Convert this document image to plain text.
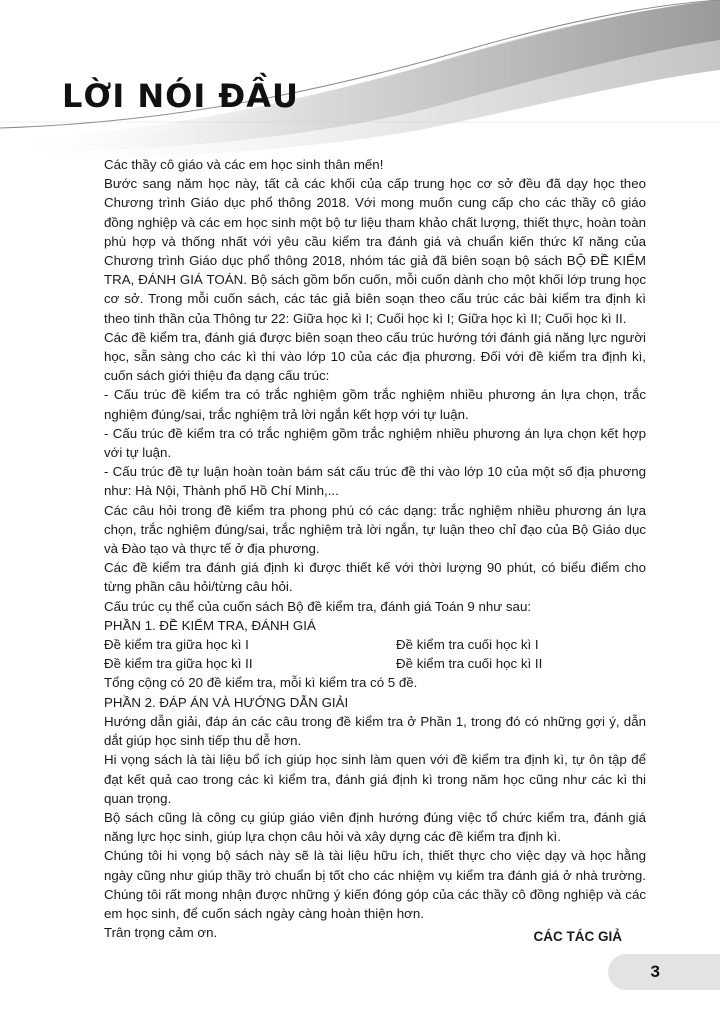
LỜI NÓI ĐẦU

Các thầy cô giáo và các em học sinh thân mến!

Bước sang năm học này, tất cả các khối của cấp trung học cơ sở đều đã dạy học theo Chương trình Giáo dục phổ thông 2018. Với mong muốn cung cấp cho các thầy cô giáo đồng nghiệp và các em học sinh một bộ tư liệu tham khảo chất lượng, thiết thực, hoàn toàn phù hợp và thống nhất với yêu cầu kiểm tra đánh giá và chuẩn kiến thức kĩ năng của Chương trình Giáo dục phổ thông 2018, nhóm tác giả đã biên soạn bộ sách BỘ ĐỀ KIỂM TRA, ĐÁNH GIÁ TOÁN. Bộ sách gồm bốn cuốn, mỗi cuốn dành cho một khối lớp trung học cơ sở. Trong mỗi cuốn sách, các tác giả biên soạn theo cấu trúc các bài kiểm tra định kì theo tinh thần của Thông tư 22: Giữa học kì I; Cuối học kì I; Giữa học kì II; Cuối học kì II.

Các đề kiểm tra, đánh giá được biên soạn theo cấu trúc hướng tới đánh giá năng lực người học, sẵn sàng cho các kì thi vào lớp 10 của các địa phương. Đối với đề kiểm tra định kì, cuốn sách giới thiệu đa dạng cấu trúc:

- Cấu trúc đề kiểm tra có trắc nghiệm gồm trắc nghiệm nhiều phương án lựa chọn, trắc nghiệm đúng/sai, trắc nghiệm trả lời ngắn kết hợp với tự luận.

- Cấu trúc đề kiểm tra có trắc nghiệm gồm trắc nghiệm nhiều phương án lựa chọn kết hợp với tự luận.

- Cấu trúc đề tự luận hoàn toàn bám sát cấu trúc đề thi vào lớp 10 của một số địa phương như: Hà Nội, Thành phố Hồ Chí Minh,...

Các câu hỏi trong đề kiểm tra phong phú có các dạng: trắc nghiệm nhiều phương án lựa chọn, trắc nghiệm đúng/sai, trắc nghiệm trả lời ngắn, tự luận theo chỉ đạo của Bộ Giáo dục và Đào tạo và thực tế ở địa phương.

Các đề kiểm tra đánh giá định kì được thiết kế với thời lượng 90 phút, có biểu điểm cho từng phần câu hỏi/từng câu hỏi.

Cấu trúc cụ thể của cuốn sách Bộ đề kiểm tra, đánh giá Toán 9 như sau:

PHẦN 1. ĐỀ KIỂM TRA, ĐÁNH GIÁ

Đề kiểm tra giữa học kì I	Đề kiểm tra cuối học kì I
Đề kiểm tra giữa học kì II	Đề kiểm tra cuối học kì II

Tổng cộng có 20 đề kiểm tra, mỗi kì kiểm tra có 5 đề.

PHẦN 2. ĐÁP ÁN VÀ HƯỚNG DẪN GIẢI

Hướng dẫn giải, đáp án các câu trong đề kiểm tra ở Phần 1, trong đó có những gợi ý, dẫn dắt giúp học sinh tiếp thu dễ hơn.

Hi vọng sách là tài liệu bổ ích giúp học sinh làm quen với đề kiểm tra định kì, tự ôn tập để đạt kết quả cao trong các kì kiểm tra, đánh giá định kì trong năm học cũng như các kì thi quan trọng.

Bộ sách cũng là công cụ giúp giáo viên định hướng đúng việc tổ chức kiểm tra, đánh giá năng lực học sinh, giúp lựa chọn câu hỏi và xây dựng các đề kiểm tra định kì.

Chúng tôi hi vọng bộ sách này sẽ là tài liệu hữu ích, thiết thực cho việc dạy và học hằng ngày cũng như giúp thầy trò chuẩn bị tốt cho các nhiệm vụ kiểm tra đánh giá ở nhà trường. Chúng tôi rất mong nhận được những ý kiến đóng góp của các thầy cô đồng nghiệp và các em học sinh, để cuốn sách ngày càng hoàn thiện hơn.

Trân trọng cảm ơn.	CÁC TÁC GIẢ
3
